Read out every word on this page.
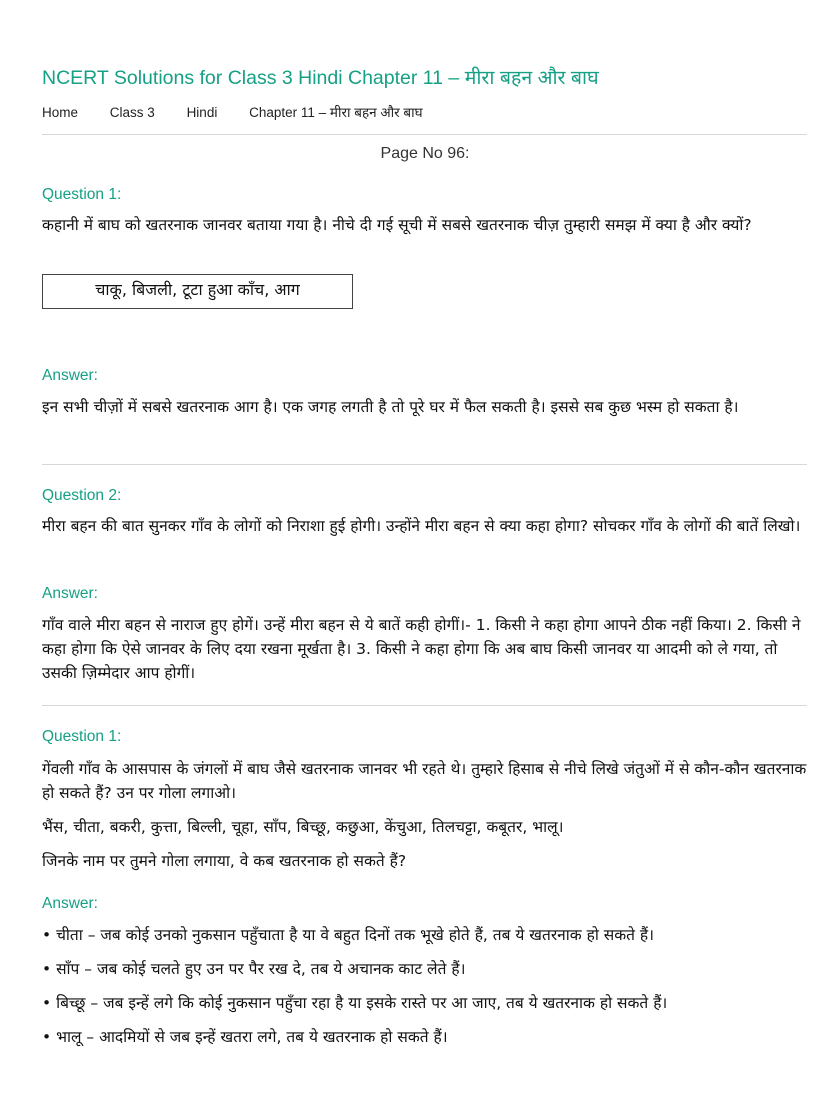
NCERT Solutions for Class 3 Hindi Chapter 11 – मीरा बहन और बाघ
Home Class 3 Hindi Chapter 11 – मीरा बहन और बाघ
Page No 96:
Question 1:
कहानी में बाघ को खतरनाक जानवर बताया गया है। नीचे दी गई सूची में सबसे खतरनाक चीज़ तुम्हारी समझ में क्या है और क्यों?
चाकू, बिजली, टूटा हुआ काँच, आग
Answer:
इन सभी चीज़ों में सबसे खतरनाक आग है। एक जगह लगती है तो पूरे घर में फैल सकती है। इससे सब कुछ भस्म हो सकता है।
Question 2:
मीरा बहन की बात सुनकर गाँव के लोगों को निराशा हुई होगी। उन्होंने मीरा बहन से क्या कहा होगा? सोचकर गाँव के लोगों की बातें लिखो।
Answer:
गाँव वाले मीरा बहन से नाराज हुए होगें। उन्हें मीरा बहन से ये बातें कही होगीं।- 1. किसी ने कहा होगा आपने ठीक नहीं किया। 2. किसी ने कहा होगा कि ऐसे जानवर के लिए दया रखना मूर्खता है। 3. किसी ने कहा होगा कि अब बाघ किसी जानवर या आदमी को ले गया, तो उसकी ज़िम्मेदार आप होगीं।
Question 1:
गेंवली गाँव के आसपास के जंगलों में बाघ जैसे खतरनाक जानवर भी रहते थे। तुम्हारे हिसाब से नीचे लिखे जंतुओं में से कौन-कौन खतरनाक हो सकते हैं? उन पर गोला लगाओ।
भैंस, चीता, बकरी, कुत्ता, बिल्ली, चूहा, साँप, बिच्छू, कछुआ, केंचुआ, तिलचट्टा, कबूतर, भालू।
जिनके नाम पर तुमने गोला लगाया, वे कब खतरनाक हो सकते हैं?
Answer:
• चीता – जब कोई उनको नुकसान पहुँचाता है या वे बहुत दिनों तक भूखे होते हैं, तब ये खतरनाक हो सकते हैं।
• साँप – जब कोई चलते हुए उन पर पैर रख दे, तब ये अचानक काट लेते हैं।
• बिच्छू – जब इन्हें लगे कि कोई नुकसान पहुँचा रहा है या इसके रास्ते पर आ जाए, तब ये खतरनाक हो सकते हैं।
• भालू – आदमियों से जब इन्हें खतरा लगे, तब ये खतरनाक हो सकते हैं।
